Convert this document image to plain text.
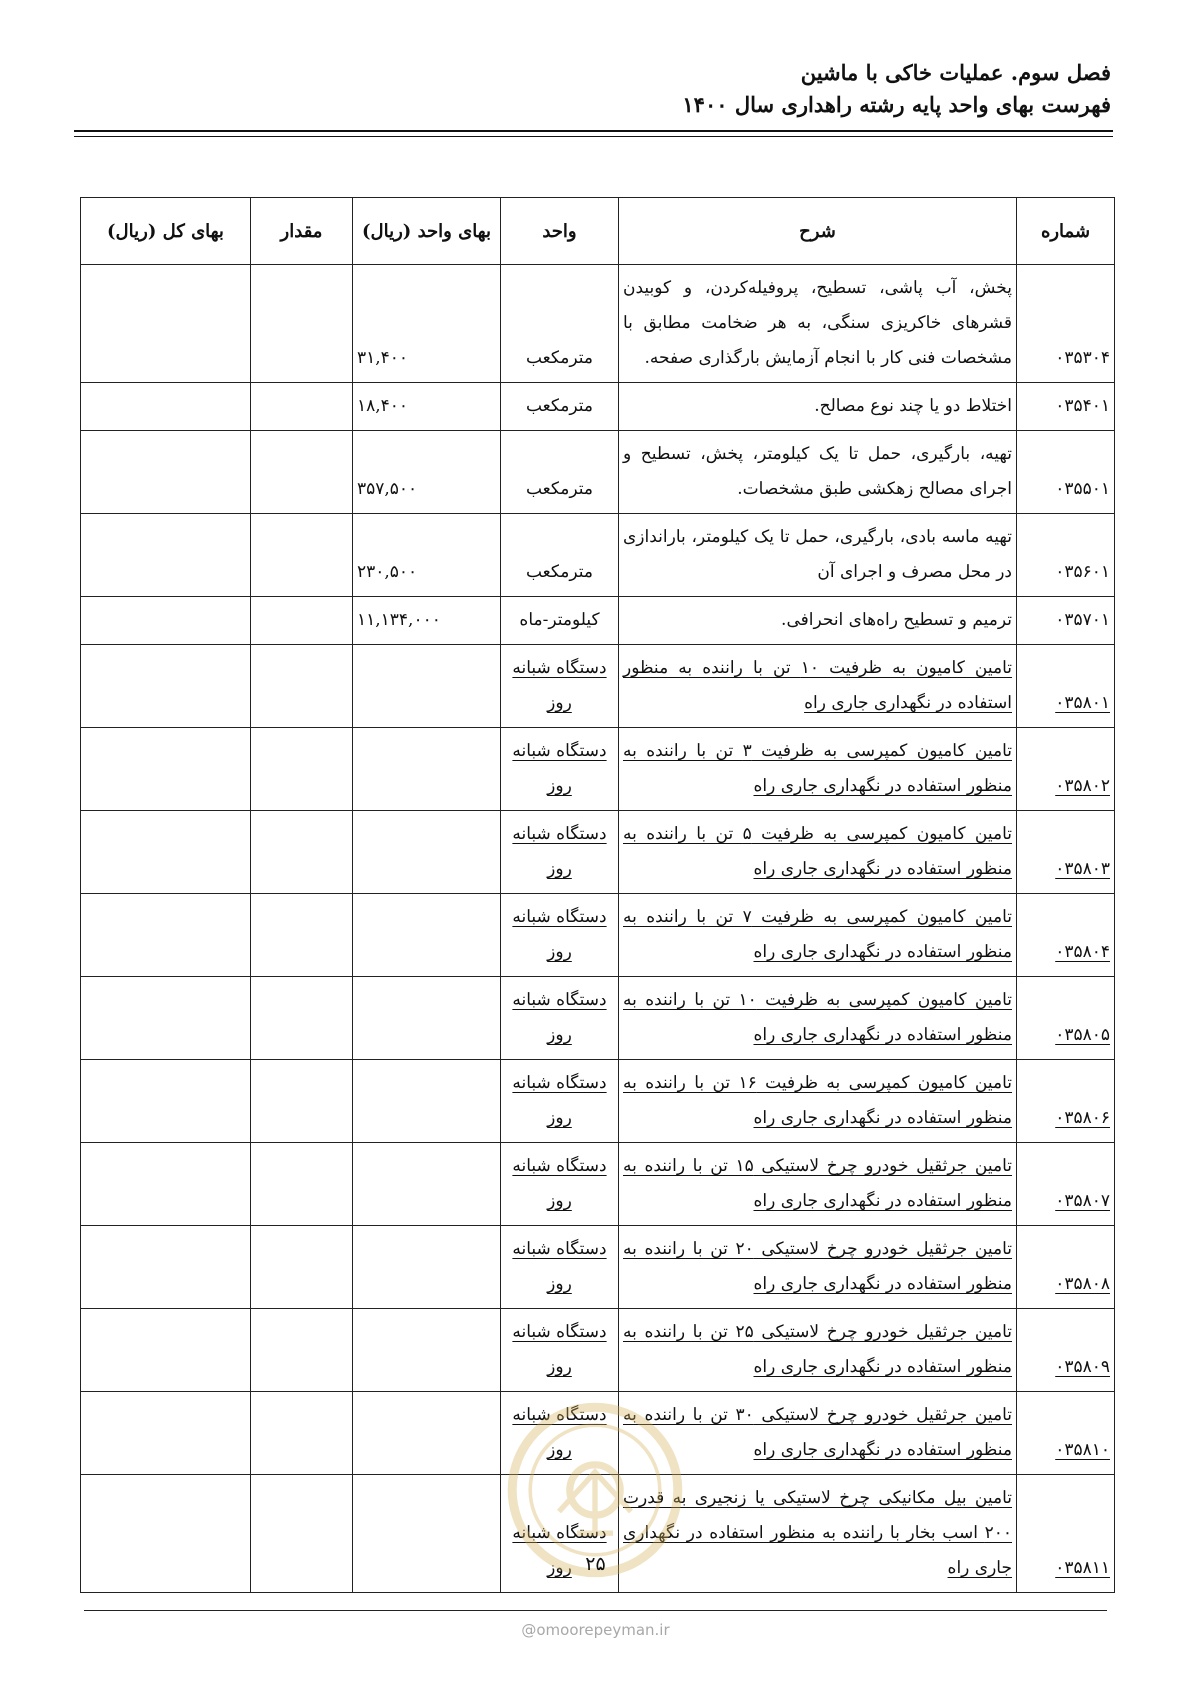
فصل سوم. عملیات خاکی با ماشین
فهرست بهای واحد پایه رشته راهداری سال ۱۴۰۰
شماره	شرح	واحد	بهای واحد (ریال)	مقدار	بهای کل (ریال)
۰۳۵۳۰۴	پخش، آب پاشی، تسطیح، پروفیله‌کردن، و کوبیدن قشرهای خاکریزی سنگی، به هر ضخامت مطابق با مشخصات فنی کار با انجام آزمایش بارگذاری صفحه.	مترمکعب	۳۱,۴۰۰		
۰۳۵۴۰۱	اختلاط دو یا چند نوع مصالح.	مترمکعب	۱۸,۴۰۰		
۰۳۵۵۰۱	تهیه، بارگیری، حمل تا یک کیلومتر، پخش، تسطیح و اجرای مصالح زهکشی طبق مشخصات.	مترمکعب	۳۵۷,۵۰۰		
۰۳۵۶۰۱	تهیه ماسه بادی، بارگیری، حمل تا یک کیلومتر، باراندازی در محل مصرف و اجرای آن	مترمکعب	۲۳۰,۵۰۰		
۰۳۵۷۰۱	ترمیم و تسطیح راه‌های انحرافی.	کیلومتر-ماه	۱۱,۱۳۴,۰۰۰		
۰۳۵۸۰۱	تامین کامیون به ظرفیت ۱۰ تن با راننده به منظور استفاده در نگهداری جاری راه	دستگاه شبانه روز			
۰۳۵۸۰۲	تامین کامیون کمپرسی به ظرفیت ۳ تن با راننده به منظور استفاده در نگهداری جاری راه	دستگاه شبانه روز			
۰۳۵۸۰۳	تامین کامیون کمپرسی به ظرفیت ۵ تن با راننده به منظور استفاده در نگهداری جاری راه	دستگاه شبانه روز			
۰۳۵۸۰۴	تامین کامیون کمپرسی به ظرفیت ۷ تن با راننده به منظور استفاده در نگهداری جاری راه	دستگاه شبانه روز			
۰۳۵۸۰۵	تامین کامیون کمپرسی به ظرفیت ۱۰ تن با راننده به منظور استفاده در نگهداری جاری راه	دستگاه شبانه روز			
۰۳۵۸۰۶	تامین کامیون کمپرسی به ظرفیت ۱۶ تن با راننده به منظور استفاده در نگهداری جاری راه	دستگاه شبانه روز			
۰۳۵۸۰۷	تامین جرثقیل خودرو چرخ لاستیکی ۱۵ تن با راننده به منظور استفاده در نگهداری جاری راه	دستگاه شبانه روز			
۰۳۵۸۰۸	تامین جرثقیل خودرو چرخ لاستیکی ۲۰ تن با راننده به منظور استفاده در نگهداری جاری راه	دستگاه شبانه روز			
۰۳۵۸۰۹	تامین جرثقیل خودرو چرخ لاستیکی ۲۵ تن با راننده به منظور استفاده در نگهداری جاری راه	دستگاه شبانه روز			
۰۳۵۸۱۰	تامین جرثقیل خودرو چرخ لاستیکی ۳۰ تن با راننده به منظور استفاده در نگهداری جاری راه	دستگاه شبانه روز			
۰۳۵۸۱۱	تامین بیل مکانیکی چرخ لاستیکی یا زنجیری به قدرت ۲۰۰ اسب بخار با راننده به منظور استفاده در نگهداری جاری راه	دستگاه شبانه روز			۲۵
@omoorepeyman.ir
